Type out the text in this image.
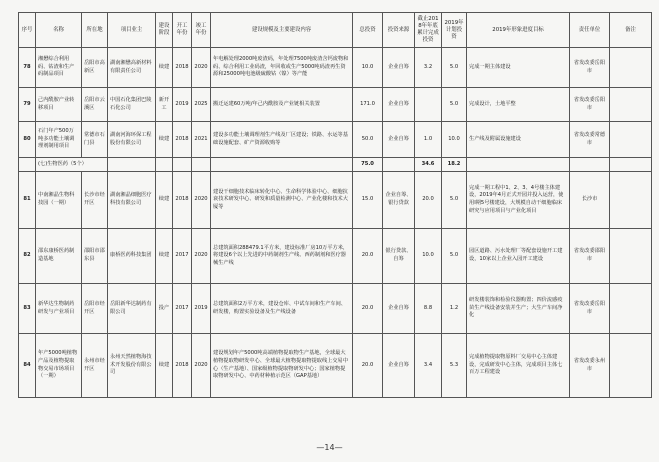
序号	名称	所在地	项目业主	建设阶段	开工年份	竣工年份	建设规模及主要建设内容	总投资	投资来源	截止2018年年底累计完成投资	2019年计划投资	2019年形象进度目标	责任单位	备注
78	湘懋综合利用码、钴渣和生产码制品项目	岳阳市高新区	湖南湘懋高新材料有限责任公司	续建	2018	2020	年电解处理2000吨废渣码，年处理7500吨废渣含钙废物和码、综合利用工业码渣，年回收或生产5000吨码渣再生资源和25000吨电池级硫酸钴（镍）等产能	10.0	企业自筹	3.2	5.0	完成一期主体建设	省发改委岳阳市	
79	己内酰胺产业转移项目	岳阳市云溪区	中国石化集团巴陵石化公司	新开工	2019	2025	搬迁运建60万吨/年己内酰胺及产业链相关装置	171.0	企业自筹		5.0	完成设计，土地平整	省发改委岳阳市	
80	石门年产500万吨多功能土壤调理剂制用项目	常德市石门县	湖南河海环保工程股份有限公司	续建	2018	2021	建设多功能土壤调理剂生产线及厂区建设；铁路、水运等基础设施配套、矿产资源收购等	50.0	企业自筹	1.0	10.0	生产线及附属设施建设	省发改委常德市	
	(七)生物医药（5个）							75.0		34.6	18.2			
81	中南湘晶生物科技园（一期）	长沙市经开区	湖南湘晶细胞医疗科技有限公司	续建	2018	2020	建设干细胞技术临床转化中心、生命科学体验中心、细胞抗衰技术研发中心、研发和质量检测中心、产业化楼和技术大厦等	15.0	企业自筹、银行贷款	20.0	5.0	完成一期工程中1、2、3、4号楼主体建设，2019年4月正式开园并投入运营，使用I期5号楼建设，大规模自动干细胞临床研究与应用项目与产业化项目	长沙市	
82	邵东康桥医药制造基地	邵阳市邵东县	康桥医药科技集团	续建	2017	2020	总建筑面积288479.1平方米，建设标准厂房10万平方米，将建设6个以上先进的中药制剂生产线、西药制剂和医疗器械生产线	20.0	银行贷款、自筹	10.0	5.0	园区道路、污水处理厂等配套设施开工建设，10家以上企业入园开工建设	省发改委邵阳市	
83	新华达生物制药研发与产业项目	岳阳市经开区	岳阳新华达制药有限公司	投产	2017	2019	总建筑面积2万平方米，建设仓库、中试车间和生产车间、研发楼，购置实验设备及生产线设备	20.0	企业自筹	8.8	1.2	研发楼装饰和检验仪器购置；四价流感疫苗生产线设备安装并生产；大生产车间净化	省发改委岳阳市	
84	年产5000吨植物产品及植物提取物交易市场项目（一期）	永州市经开区	永州天然植物海技术开发股份有限公司	续建	2018	2020	建设规划年产5000吨高端植物提取物生产基地，全球最大植物提取物研发中心、全球最大植物提取物提取线上交易中心（生产基地）、国家级植物提取物研发中心；国家植物提取物研发中心、中药材种植示范区（GAP基地）	20.0	企业自筹	3.4	5.3	完成植物提取物原料厂交易中心主体建设，完成研发中心主体，完成项目主体七百万工程建设	省发改委永州市	
—14—
